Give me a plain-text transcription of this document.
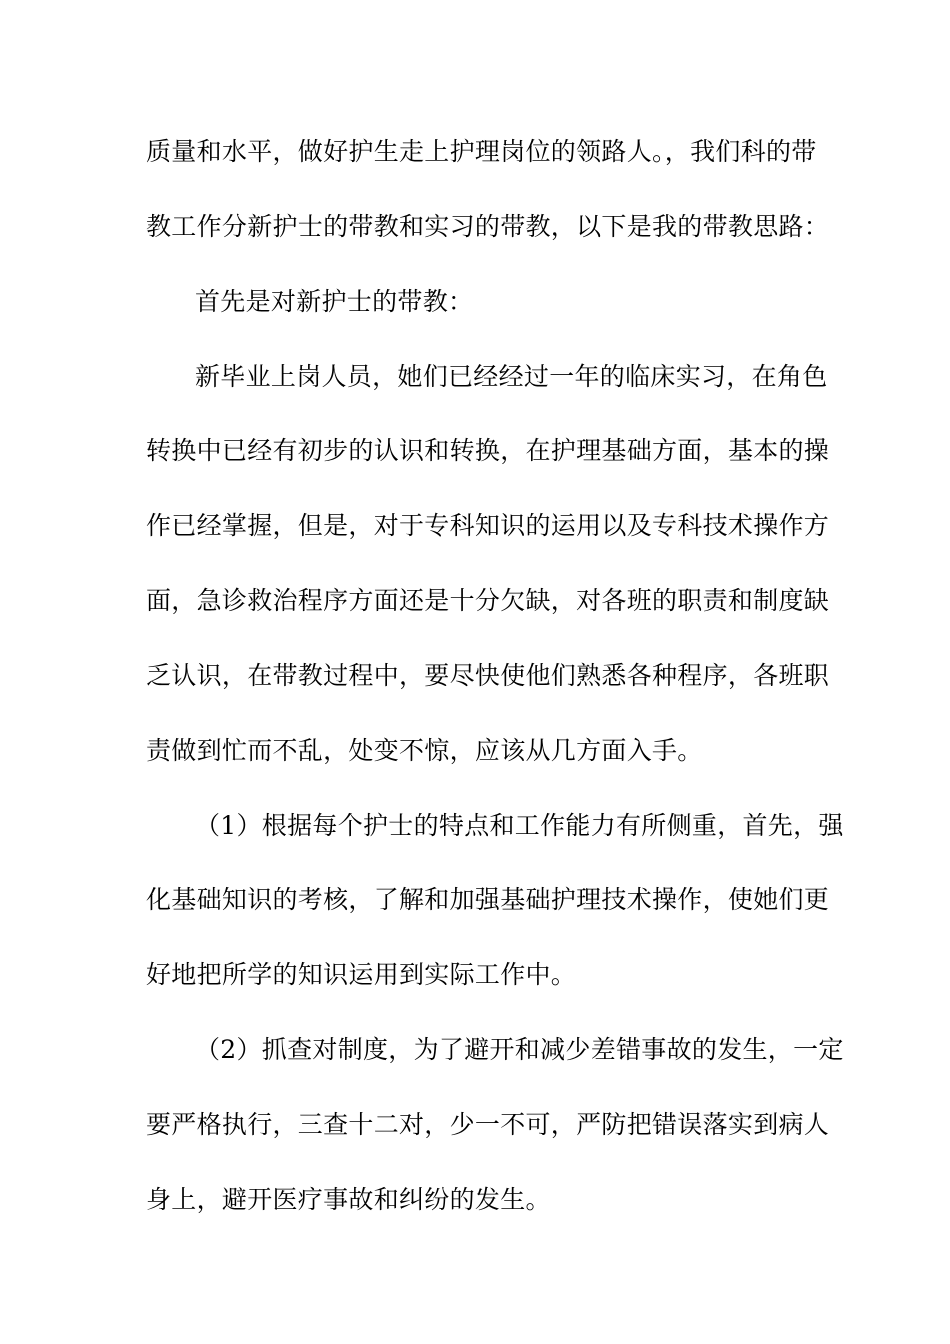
质量和水平，做好护生走上护理岗位的领路人。，我们科的带
教工作分新护士的带教和实习的带教，以下是我的带教思路：
首先是对新护士的带教：
新毕业上岗人员，她们已经经过一年的临床实习，在角色
转换中已经有初步的认识和转换，在护理基础方面，基本的操
作已经掌握，但是，对于专科知识的运用以及专科技术操作方
面，急诊救治程序方面还是十分欠缺，对各班的职责和制度缺
乏认识，在带教过程中，要尽快使他们熟悉各种程序，各班职
责做到忙而不乱，处变不惊，应该从几方面入手。
（1）根据每个护士的特点和工作能力有所侧重，首先，强
化基础知识的考核，了解和加强基础护理技术操作，使她们更
好地把所学的知识运用到实际工作中。
（2）抓查对制度，为了避开和减少差错事故的发生，一定
要严格执行，三查十二对，少一不可，严防把错误落实到病人
身上，避开医疗事故和纠纷的发生。
